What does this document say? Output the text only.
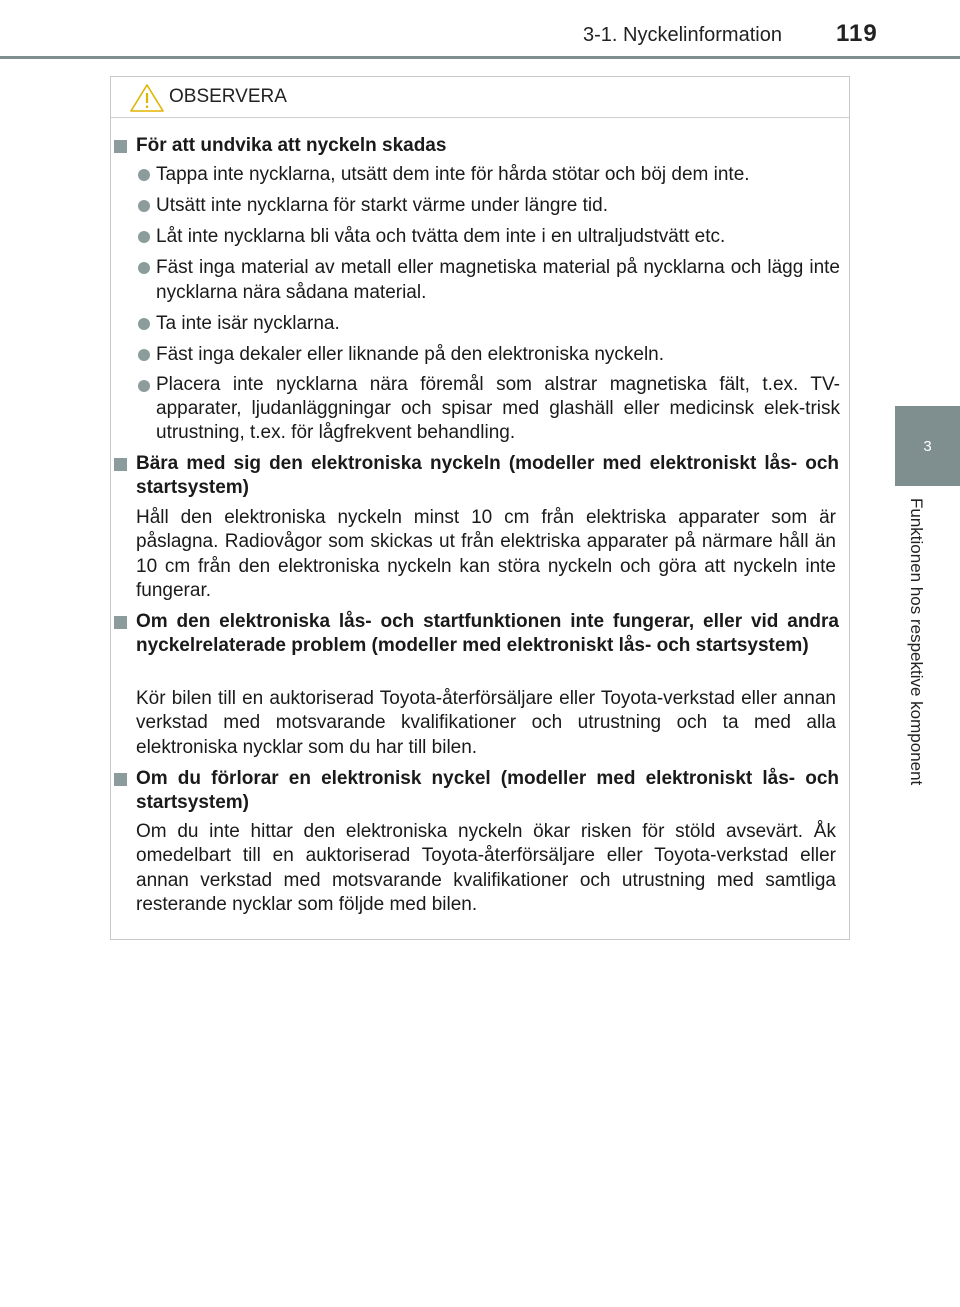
3-1. Nyckelinformation 119
3
Funktionen hos respektive komponent
OBSERVERA
För att undvika att nyckeln skadas
Tappa inte nycklarna, utsätt dem inte för hårda stötar och böj dem inte.
Utsätt inte nycklarna för starkt värme under längre tid.
Låt inte nycklarna bli våta och tvätta dem inte i en ultraljudstvätt etc.
Fäst inga material av metall eller magnetiska material på nycklarna och lägg inte nycklarna nära sådana material.
Ta inte isär nycklarna.
Fäst inga dekaler eller liknande på den elektroniska nyckeln.
Placera inte nycklarna nära föremål som alstrar magnetiska fält, t.ex. TV-apparater, ljudanläggningar och spisar med glashäll eller medicinsk elek-trisk utrustning, t.ex. för lågfrekvent behandling.
Bära med sig den elektroniska nyckeln (modeller med elektroniskt lås- och startsystem)
Håll den elektroniska nyckeln minst 10 cm från elektriska apparater som är påslagna. Radiovågor som skickas ut från elektriska apparater på närmare håll än 10 cm från den elektroniska nyckeln kan störa nyckeln och göra att nyckeln inte fungerar.
Om den elektroniska lås- och startfunktionen inte fungerar, eller vid andra nyckelrelaterade problem (modeller med elektroniskt lås- och startsystem)
Kör bilen till en auktoriserad Toyota-återförsäljare eller Toyota-verkstad eller annan verkstad med motsvarande kvalifikationer och utrustning och ta med alla elektroniska nycklar som du har till bilen.
Om du förlorar en elektronisk nyckel (modeller med elektroniskt lås- och startsystem)
Om du inte hittar den elektroniska nyckeln ökar risken för stöld avsevärt. Åk omedelbart till en auktoriserad Toyota-återförsäljare eller Toyota-verkstad eller annan verkstad med motsvarande kvalifikationer och utrustning med samtliga resterande nycklar som följde med bilen.
